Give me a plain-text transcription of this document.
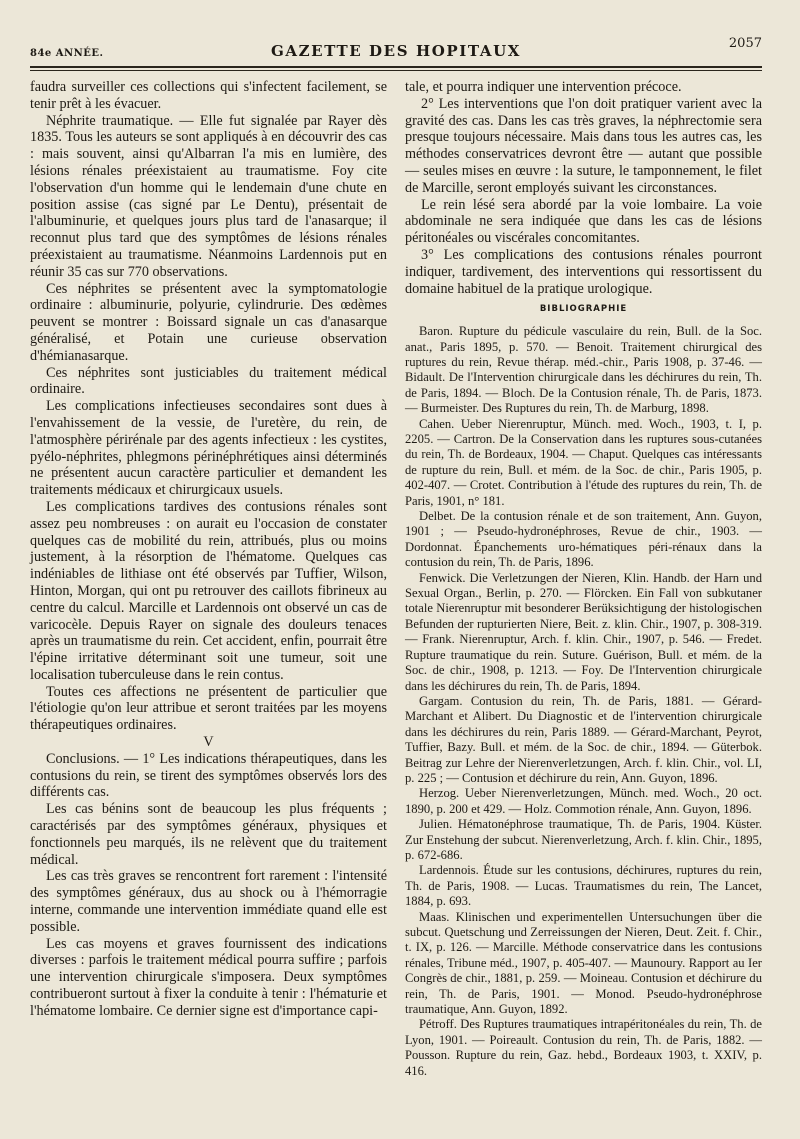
84e ANNÉE.	GAZETTE DES HOPITAUX	2057

faudra surveiller ces collections qui s'infectent facilement, se tenir prêt à les évacuer.

Néphrite traumatique. — Elle fut signalée par Rayer dès 1835. Tous les auteurs se sont appliqués à en découvrir des cas : mais souvent, ainsi qu'Albarran l'a mis en lumière, des lésions rénales préexistaient au traumatisme. Foy cite l'observation d'un homme qui le lendemain d'une chute en position assise (cas signé par Le Dentu), présentait de l'albuminurie, et quelques jours plus tard de l'anasarque; il reconnut plus tard que des symptômes de lésions rénales préexistaient au traumatisme. Néanmoins Lardennois put en réunir 35 cas sur 770 observations.

Ces néphrites se présentent avec la symptomatologie ordinaire : albuminurie, polyurie, cylindrurie. Des œdèmes peuvent se montrer : Boissard signale un cas d'anasarque généralisé, et Potain une curieuse observation d'hémianasarque.

Ces néphrites sont justiciables du traitement médical ordinaire.

Les complications infectieuses secondaires sont dues à l'envahissement de la vessie, de l'uretère, du rein, de l'atmosphère périrénale par des agents infectieux : les cystites, pyélo-néphrites, phlegmons périnéphrétiques ainsi déterminés ne présentent aucun caractère particulier et demandent les traitements médicaux et chirurgicaux usuels.

Les complications tardives des contusions rénales sont assez peu nombreuses : on aurait eu l'occasion de constater quelques cas de mobilité du rein, attribués, plus ou moins justement, à la résorption de l'hématome. Quelques cas indéniables de lithiase ont été observés par Tuffier, Wilson, Hinton, Morgan, qui ont pu retrouver des caillots fibrineux au centre du calcul. Marcille et Lardennois ont observé un cas de varicocèle. Depuis Rayer on signale des douleurs tenaces après un traumatisme du rein. Cet accident, enfin, pourrait être l'épine irritative déterminant soit une tumeur, soit une localisation tuberculeuse dans le rein contus.

Toutes ces affections ne présentent de particulier que l'étiologie qu'on leur attribue et seront traitées par les moyens thérapeutiques ordinaires.

V

Conclusions. — 1° Les indications thérapeutiques, dans les contusions du rein, se tirent des symptômes observés lors des différents cas.

Les cas bénins sont de beaucoup les plus fréquents ; caractérisés par des symptômes généraux, physiques et fonctionnels peu marqués, ils ne relèvent que du traitement médical.

Les cas très graves se rencontrent fort rarement : l'intensité des symptômes généraux, dus au shock ou à l'hémorragie interne, commande une intervention immédiate quand elle est possible.

Les cas moyens et graves fournissent des indications diverses : parfois le traitement médical pourra suffire ; parfois une intervention chirurgicale s'imposera. Deux symptômes contribueront surtout à fixer la conduite à tenir : l'hématurie et l'hématome lombaire. Ce dernier signe est d'importance capi-

tale, et pourra indiquer une intervention précoce.

2° Les interventions que l'on doit pratiquer varient avec la gravité des cas. Dans les cas très graves, la néphrectomie sera presque toujours nécessaire. Mais dans tous les autres cas, les méthodes conservatrices devront être — autant que possible — seules mises en œuvre : la suture, le tamponnement, le filet de Marcille, seront employés suivant les circonstances.

Le rein lésé sera abordé par la voie lombaire. La voie abdominale ne sera indiquée que dans les cas de lésions péritonéales ou viscérales concomitantes.

3° Les complications des contusions rénales pourront indiquer, tardivement, des interventions qui ressortissent du domaine habituel de la pratique urologique.

BIBLIOGRAPHIE

Baron. Rupture du pédicule vasculaire du rein, Bull. de la Soc. anat., Paris 1895, p. 570. — Benoit. Traitement chirurgical des ruptures du rein, Revue thérap. méd.-chir., Paris 1908, p. 37-46. — Bidault. De l'Intervention chirurgicale dans les déchirures du rein, Th. de Paris, 1894. — Bloch. De la Contusion rénale, Th. de Paris, 1873. — Burmeister. Des Ruptures du rein, Th. de Marburg, 1898.

Cahen. Ueber Nierenruptur, Münch. med. Woch., 1903, t. I, p. 2205. — Cartron. De la Conservation dans les ruptures sous-cutanées du rein, Th. de Bordeaux, 1904. — Chaput. Quelques cas intéressants de rupture du rein, Bull. et mém. de la Soc. de chir., Paris 1905, p. 402-407. — Crotet. Contribution à l'étude des ruptures du rein, Th. de Paris, 1901, n° 181.

Delbet. De la contusion rénale et de son traitement, Ann. Guyon, 1901 ; — Pseudo-hydronéphroses, Revue de chir., 1903. — Dordonnat. Épanchements uro-hématiques péri-rénaux dans la contusion du rein, Th. de Paris, 1896.

Fenwick. Die Verletzungen der Nieren, Klin. Handb. der Harn und Sexual Organ., Berlin, p. 270. — Flörcken. Ein Fall von subkutaner totale Nierenruptur mit besonderer Berüksichtigung der histologischen Befunden der rupturierten Niere, Beit. z. klin. Chir., 1907, p. 308-319. — Frank. Nierenruptur, Arch. f. klin. Chir., 1907, p. 546. — Fredet. Rupture traumatique du rein. Suture. Guérison, Bull. et mém. de la Soc. de chir., 1908, p. 1213. — Foy. De l'Intervention chirurgicale dans les déchirures du rein, Th. de Paris, 1894.

Gargam. Contusion du rein, Th. de Paris, 1881. — Gérard-Marchant et Alibert. Du Diagnostic et de l'intervention chirurgicale dans les déchirures du rein, Paris 1889. — Gérard-Marchant, Peyrot, Tuffier, Bazy. Bull. et mém. de la Soc. de chir., 1894. — Güterbok. Beitrag zur Lehre der Nierenverletzungen, Arch. f. klin. Chir., vol. LI, p. 225 ; — Contusion et déchirure du rein, Ann. Guyon, 1896.

Herzog. Ueber Nierenverletzungen, Münch. med. Woch., 20 oct. 1890, p. 200 et 429. — Holz. Commotion rénale, Ann. Guyon, 1896.

Julien. Hématonéphrose traumatique, Th. de Paris, 1904. Küster. Zur Enstehung der subcut. Nierenverletzung, Arch. f. klin. Chir., 1895, p. 672-686.

Lardennois. Étude sur les contusions, déchirures, ruptures du rein, Th. de Paris, 1908. — Lucas. Traumatismes du rein, The Lancet, 1884, p. 693.

Maas. Klinischen und experimentellen Untersuchungen über die subcut. Quetschung und Zerreissungen der Nieren, Deut. Zeit. f. Chir., t. IX, p. 126. — Marcille. Méthode conservatrice dans les contusions rénales, Tribune méd., 1907, p. 405-407. — Maunoury. Rapport au Ier Congrès de chir., 1881, p. 259. — Moineau. Contusion et déchirure du rein, Th. de Paris, 1901. — Monod. Pseudo-hydronéphrose traumatique, Ann. Guyon, 1892.

Pétroff. Des Ruptures traumatiques intrapéritonéales du rein, Th. de Lyon, 1901. — Poireault. Contusion du rein, Th. de Paris, 1882. — Pousson. Rupture du rein, Gaz. hebd., Bordeaux 1903, t. XXIV, p. 416.
